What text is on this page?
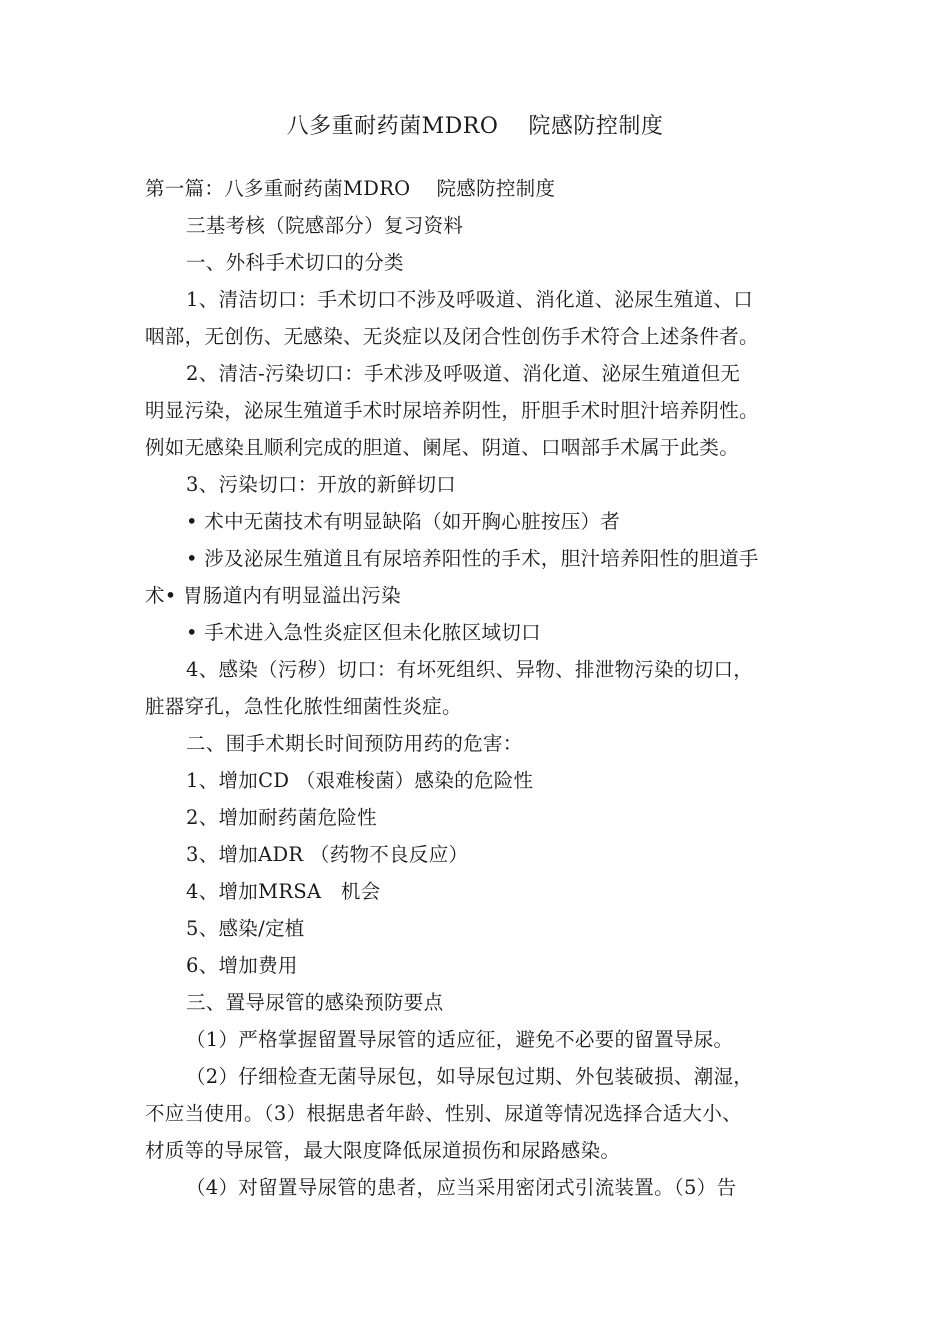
八多重耐药菌MDRO    院感防控制度
第一篇：八多重耐药菌MDRO    院感防控制度
三基考核（院感部分）复习资料
一、外科手术切口的分类
1、清洁切口：手术切口不涉及呼吸道、消化道、泌尿生殖道、口
咽部，无创伤、无感染、无炎症以及闭合性创伤手术符合上述条件者。
2、清洁-污染切口：手术涉及呼吸道、消化道、泌尿生殖道但无
明显污染，泌尿生殖道手术时尿培养阴性，肝胆手术时胆汁培养阴性。
例如无感染且顺利完成的胆道、阑尾、阴道、口咽部手术属于此类。
3、污染切口：开放的新鲜切口
• 术中无菌技术有明显缺陷（如开胸心脏按压）者
• 涉及泌尿生殖道且有尿培养阳性的手术，胆汁培养阳性的胆道手
术• 胃肠道内有明显溢出污染
• 手术进入急性炎症区但未化脓区域切口
4、感染（污秽）切口：有坏死组织、异物、排泄物污染的切口，
脏器穿孔，急性化脓性细菌性炎症。
二、围手术期长时间预防用药的危害：
1、增加CD （艰难梭菌）感染的危险性
2、增加耐药菌危险性
3、增加ADR （药物不良反应）
4、增加MRSA   机会
5、感染/定植
6、增加费用
三、置导尿管的感染预防要点
（1）严格掌握留置导尿管的适应征，避免不必要的留置导尿。
（2）仔细检查无菌导尿包，如导尿包过期、外包装破损、潮湿，
不应当使用。（3）根据患者年龄、性别、尿道等情况选择合适大小、
材质等的导尿管，最大限度降低尿道损伤和尿路感染。
（4）对留置导尿管的患者，应当采用密闭式引流装置。（5）告
